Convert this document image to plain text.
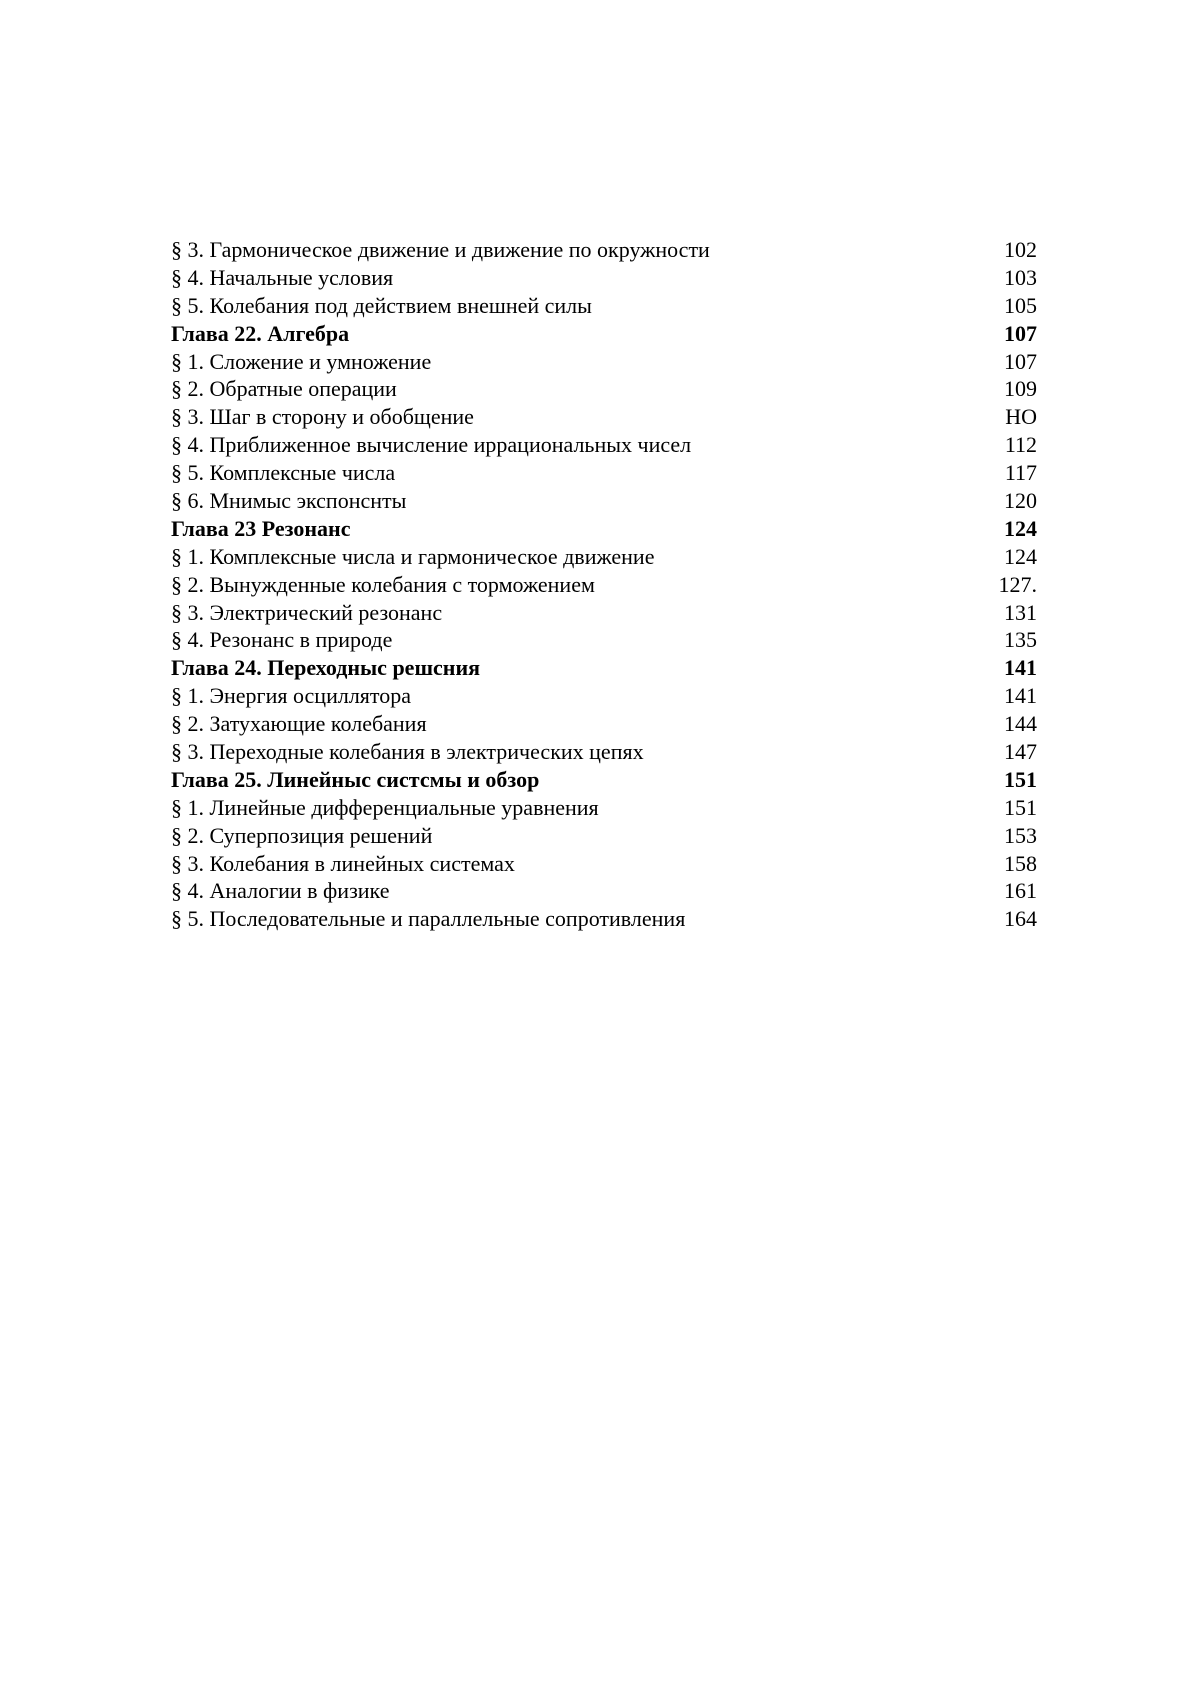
§ 3. Гармоническое движение и движение по окружности	102
§ 4. Начальные условия	103
§ 5. Колебания под действием внешней силы	105
Глава 22. Алгебра	107
§ 1. Сложение и умножение	107
§ 2. Обратные операции	109
§ 3. Шаг в сторону и обобщение	НО
§ 4. Приближенное вычисление иррациональных чисел	112
§ 5. Комплексные числа	117
§ 6. Мнимыс экспонснты	120
Глава 23 Резонанс	124
§ 1. Комплексные числа и гармоническое движение	124
§ 2. Вынужденные колебания с торможением	127.
§ 3. Электрический резонанс	131
§ 4. Резонанс в природе	135
Глава 24. Переходныс решсния	141
§ 1. Энергия осциллятора	141
§ 2. Затухающие колебания	144
§ 3. Переходные колебания в электрических цепях	147
Глава 25. Линейныс систсмы и обзор	151
§ 1. Линейные дифференциальные уравнения	151
§ 2. Суперпозиция решений	153
§ 3. Колебания в линейных системах	158
§ 4. Аналогии в физике	161
§ 5. Последовательные и параллельные сопротивления	164
